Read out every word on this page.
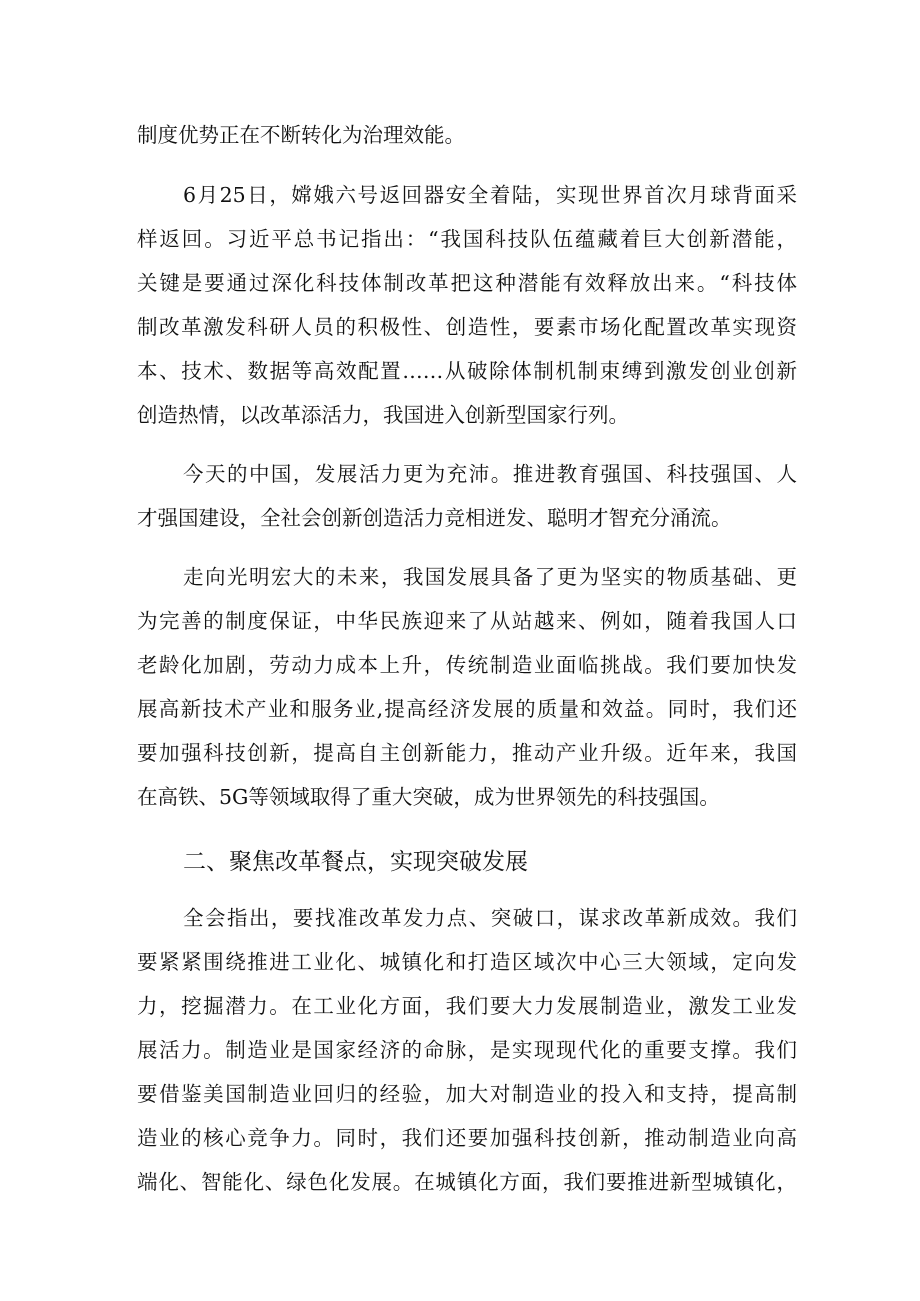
制度优势正在不断转化为治理效能。
6月25日，嫦娥六号返回器安全着陆，实现世界首次月球背面采
样返回。习近平总书记指出：“我国科技队伍蕴藏着巨大创新潜能，
关键是要通过深化科技体制改革把这种潜能有效释放出来。“科技体
制改革激发科研人员的积极性、创造性，要素市场化配置改革实现资
本、技术、数据等高效配置……从破除体制机制束缚到激发创业创新
创造热情，以改革添活力，我国进入创新型国家行列。
今天的中国，发展活力更为充沛。推进教育强国、科技强国、人
才强国建设，全社会创新创造活力竞相迸发、聪明才智充分涌流。
走向光明宏大的未来，我国发展具备了更为坚实的物质基础、更
为完善的制度保证，中华民族迎来了从站越来、例如，随着我国人口
老龄化加剧，劳动力成本上升，传统制造业面临挑战。我们要加快发
展高新技术产业和服务业,提高经济发展的质量和效益。同时，我们还
要加强科技创新，提高自主创新能力，推动产业升级。近年来，我国
在高铁、5G等领域取得了重大突破，成为世界领先的科技强国。
二、聚焦改革餐点，实现突破发展
全会指出，要找准改革发力点、突破口，谋求改革新成效。我们
要紧紧围绕推进工业化、城镇化和打造区域次中心三大领域，定向发
力，挖掘潜力。在工业化方面，我们要大力发展制造业，激发工业发
展活力。制造业是国家经济的命脉，是实现现代化的重要支撑。我们
要借鉴美国制造业回归的经验，加大对制造业的投入和支持，提高制
造业的核心竞争力。同时，我们还要加强科技创新，推动制造业向高
端化、智能化、绿色化发展。在城镇化方面，我们要推进新型城镇化，
